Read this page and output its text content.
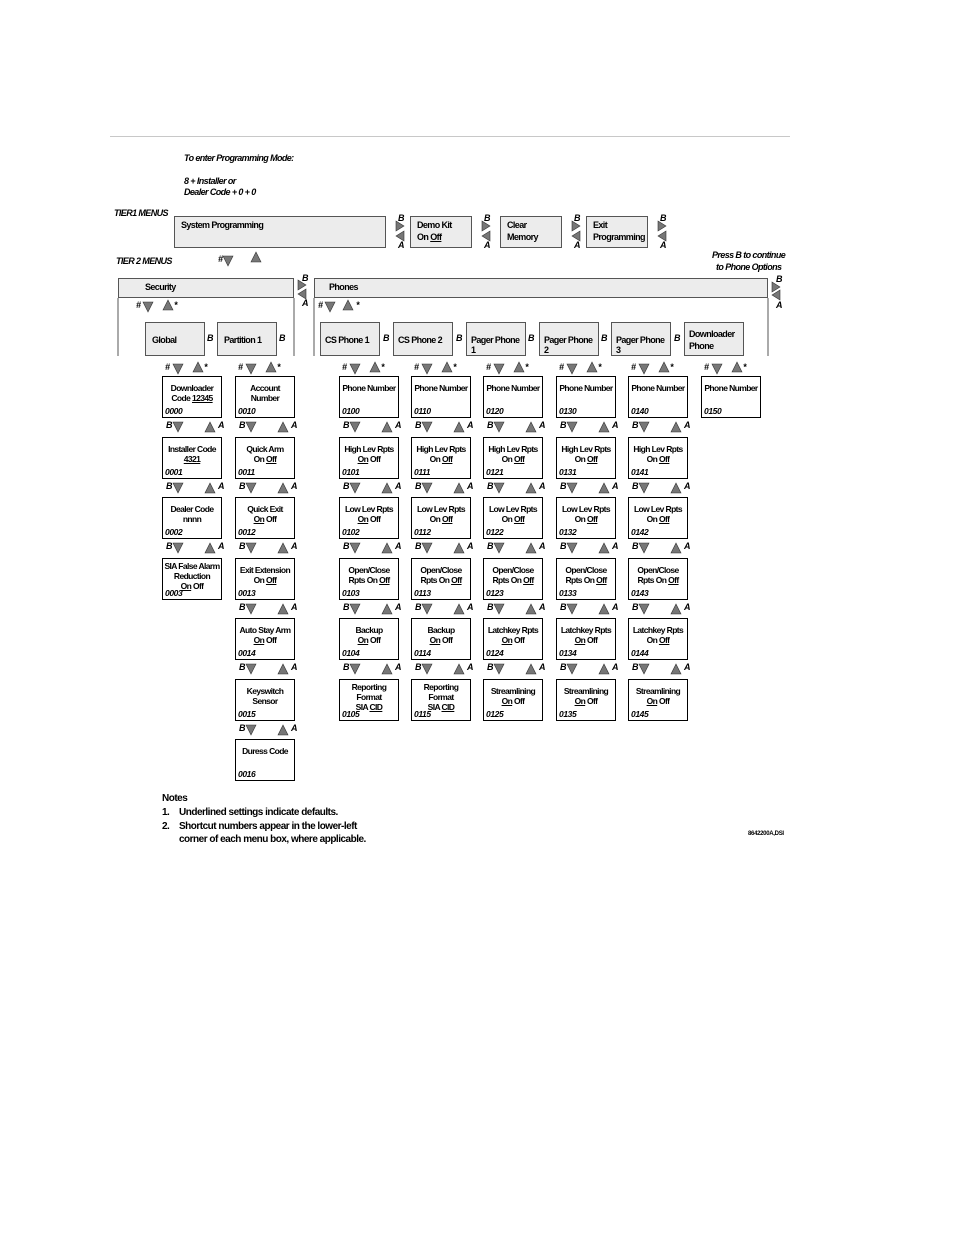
To enter Programming Mode:
8 + Installer or
Dealer Code + 0 + 0
TIER1 MENUS
TIER 2 MENUS
Press B to continue
to Phone Options
System Programming	Demo Kit
On Off
Clear
Memory
Exit
Programming
Security	Phones
Global	Partition 1	CS Phone 1	CS Phone 2	Pager Phone 1
Pager Phone 2
Pager Phone 3
Downloader
Phone
Downloader
Code 12345
0000
Installer Code
4321
0001
Dealer Code
nnnn
0002
SIA False Alarm
Reduction
On Off
0003
Account
Number
0010
Quick Arm
On Off
0011
Quick Exit
On Off
0012
Exit Extension
On Off
0013
Auto Stay Arm
On Off
0014
Keyswitch
Sensor
0015
Duress Code
0016
Phone Number
0100
High Lev Rpts
On Off
0101
Low Lev Rpts
On Off
0102
Open/Close
Rpts On Off
0103
Backup
On Off
0104
Reporting
Format
SIA CID
0105
Phone Number
0110
High Lev Rpts
On Off
0111
Low Lev Rpts
On Off
0112
Open/Close
Rpts On Off
0113
Backup
On Off
0114
Reporting
Format
SIA CID
0115
Phone Number
0120
High Lev Rpts
On Off
0121
Low Lev Rpts
On Off
0122
Open/Close
Rpts On Off
0123
Latchkey Rpts
On Off
0124
Streamlining
On Off
0125
Phone Number
0130
High Lev Rpts
On Off
0131
Low Lev Rpts
On Off
0132
Open/Close
Rpts On Off
0133
Latchkey Rpts
On Off
0134
Streamlining
On Off
0135
Phone Number
0140
High Lev Rpts
On Off
0141
Low Lev Rpts
On Off
0142
Open/Close
Rpts On Off
0143
Latchkey Rpts
On Off
0144
Streamlining
On Off
0145
Phone Number
0150
B
A
B
A
B
A
B
A
#
B
A
B
A
#	*	#	*
B	B	B	B	B	B	B
#	*	#	*	#	*	#	*	#	*	#	*	#	*	#	*
B	A
B	A
B	A
B	A
B	A
B	A
B	A
B	A
B	A
B	A
B	A
B	A
B	A
B	A
B	A
B	A
B	A
B	A
B	A
B	A
B	A
B	A
B	A
B	A
B	A
B	A
B	A
B	A
B	A
B	A
B	A
B	A
B	A
B	A
Notes
1. Underlined settings indicate defaults.
2. Shortcut numbers appear in the lower-left
corner of each menu box, where applicable.	8642200A,DSI
